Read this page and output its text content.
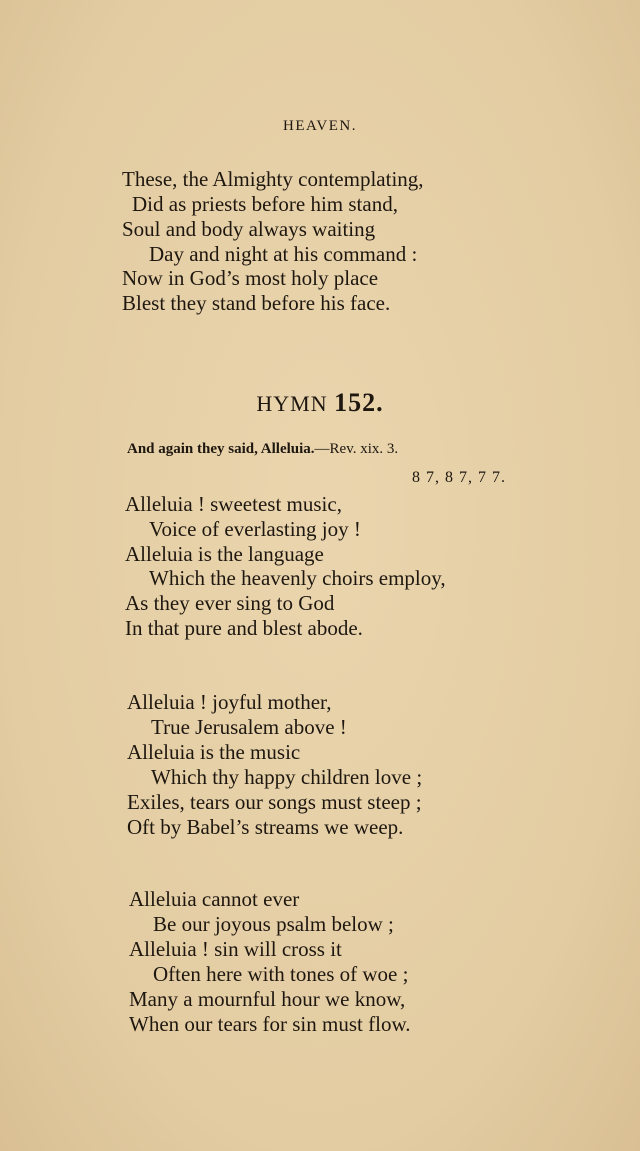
HEAVEN.
These, the Almighty contemplating,
Did as priests before him stand,
Soul and body always waiting
Day and night at his command :
Now in God’s most holy place
Blest they stand before his face.
HYMN 152.
And again they said, Alleluia.—Rev. xix. 3.
8 7, 8 7, 7 7.
Alleluia ! sweetest music,
Voice of everlasting joy !
Alleluia is the language
Which the heavenly choirs employ,
As they ever sing to God
In that pure and blest abode.
Alleluia ! joyful mother,
True Jerusalem above !
Alleluia is the music
Which thy happy children love ;
Exiles, tears our songs must steep ;
Oft by Babel’s streams we weep.
Alleluia cannot ever
Be our joyous psalm below ;
Alleluia ! sin will cross it
Often here with tones of woe ;
Many a mournful hour we know,
When our tears for sin must flow.
